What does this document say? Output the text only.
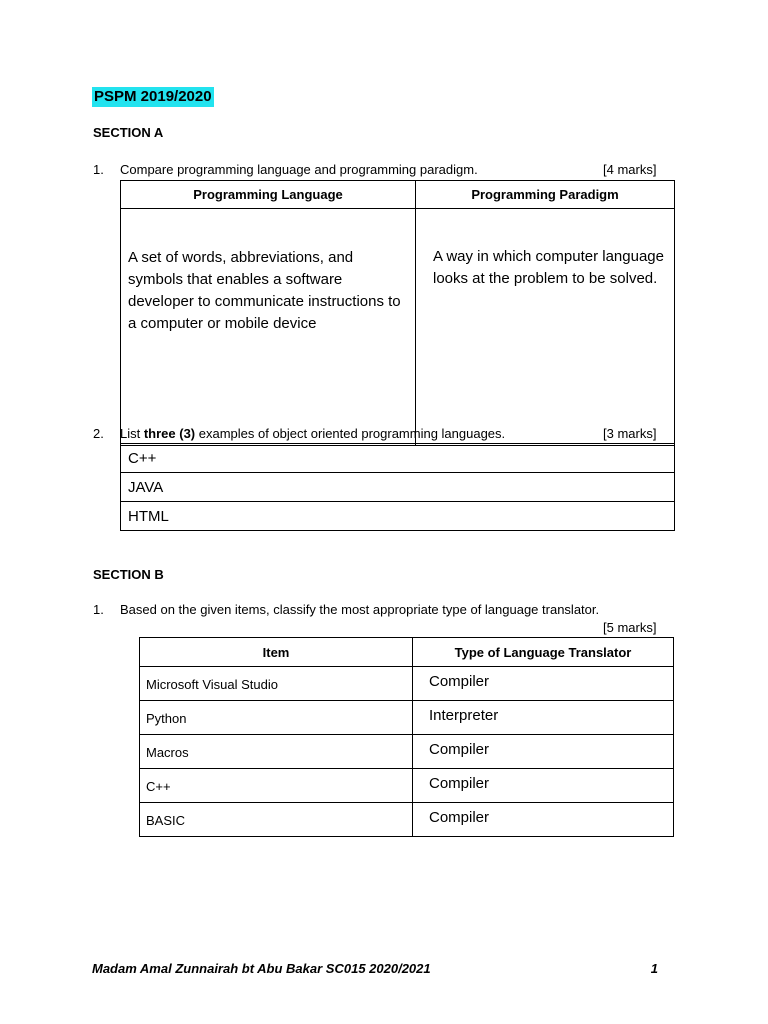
PSPM 2019/2020
SECTION A
1. Compare programming language and programming paradigm.	[4 marks]
Programming Language	Programming Paradigm
A set of words, abbreviations, and symbols that enables a software developer to communicate instructions to a computer or mobile device	A way in which computer language looks at the problem to be solved.
2. List three (3) examples of object oriented programming languages.	[3 marks]
C++
JAVA
HTML
SECTION B
1. Based on the given items, classify the most appropriate type of language translator.
[5 marks]
Item	Type of Language Translator
Microsoft Visual Studio	Compiler
Python	Interpreter
Macros	Compiler
C++	Compiler
BASIC	Compiler
Madam Amal Zunnairah bt Abu Bakar SC015 2020/2021	1
